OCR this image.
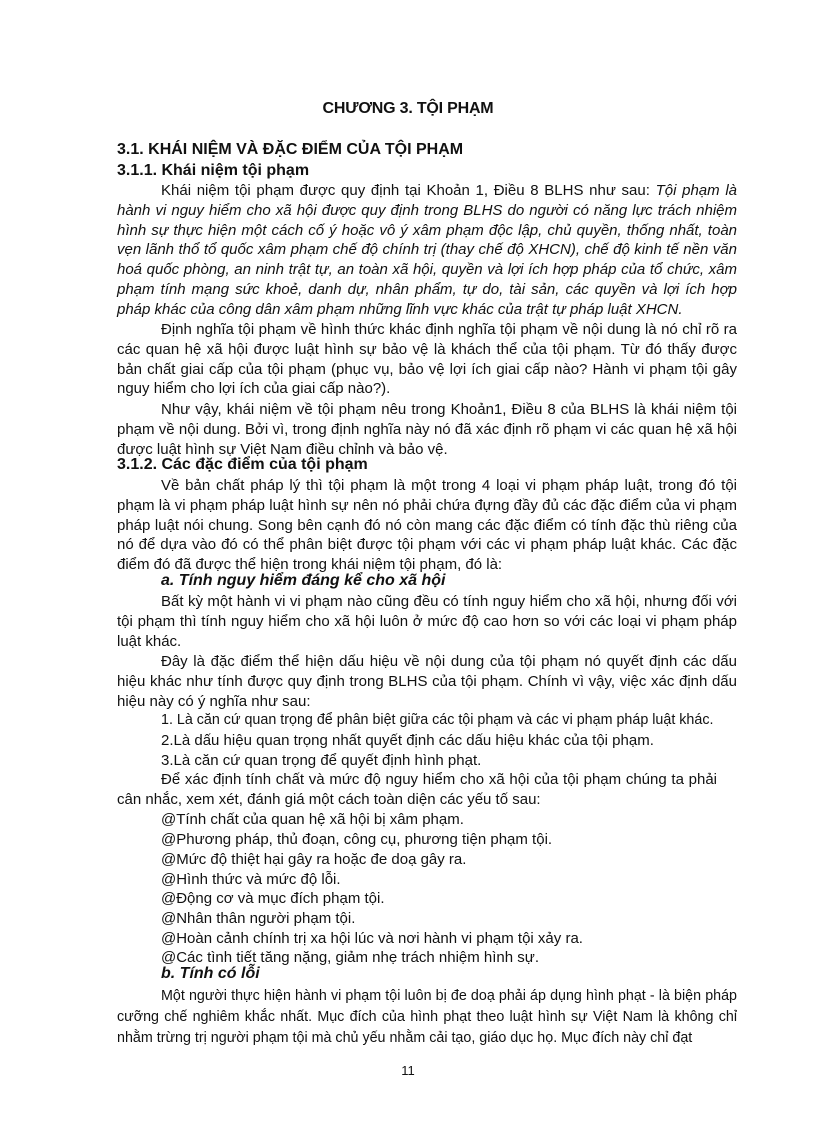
CHƯƠNG 3. TỘI PHẠM
3.1. KHÁI NIỆM VÀ ĐẶC ĐIỂM CỦA TỘI PHẠM
3.1.1. Khái niệm tội phạm

Khái niệm tội phạm được quy định tại Khoản 1, Điều 8 BLHS như sau: Tội phạm là hành vi nguy hiểm cho xã hội được quy định trong BLHS do người có năng lực trách nhiệm hình sự thực hiện một cách cố ý hoặc vô ý xâm phạm độc lập, chủ quyền, thống nhất, toàn vẹn lãnh thổ tổ quốc xâm phạm chế độ chính trị (thay chế độ XHCN), chế độ kinh tế nền văn hoá quốc phòng, an ninh trật tự, an toàn xã hội, quyền và lợi ích hợp pháp của tổ chức, xâm phạm tính mạng sức khoẻ, danh dự, nhân phẩm, tự do, tài sản, các quyền và lợi ích hợp pháp khác của công dân xâm phạm những lĩnh vực khác của trật tự pháp luật XHCN.

Định nghĩa tội phạm về hình thức khác định nghĩa tội phạm về nội dung là nó chỉ rõ ra các quan hệ xã hội được luật hình sự bảo vệ là khách thể của tội phạm. Từ đó thấy được bản chất giai cấp của tội phạm (phục vụ, bảo vệ lợi ích giai cấp nào? Hành vi phạm tội gây nguy hiểm cho lợi ích của giai cấp nào?).

Như vậy, khái niệm về tội phạm nêu trong Khoản1, Điều 8 của BLHS là khái niệm tội phạm về nội dung. Bởi vì, trong định nghĩa này nó đã xác định rõ phạm vi các quan hệ xã hội được luật hình sự Việt Nam điều chỉnh và bảo vệ.

3.1.2. Các đặc điểm của tội phạm

Về bản chất pháp lý thì tội phạm là một trong 4 loại vi phạm pháp luật, trong đó tội phạm là vi phạm pháp luật hình sự nên nó phải chứa đựng đầy đủ các đặc điểm của vi phạm pháp luật nói chung. Song bên cạnh đó nó còn mang các đặc điểm có tính đặc thù riêng của nó để dựa vào đó có thể phân biệt được tội phạm với các vi phạm pháp luật khác. Các đặc điểm đó đã được thể hiện trong khái niệm tội phạm, đó là:

a. Tính nguy hiểm đáng kể cho xã hội

Bất kỳ một hành vi vi phạm nào cũng đều có tính nguy hiểm cho xã hội, nhưng đối với tội phạm thì tính nguy hiểm cho xã hội luôn ở mức độ cao hơn so với các loại vi phạm pháp luật khác.

Đây là đặc điểm thể hiện dấu hiệu về nội dung của tội phạm nó quyết định các dấu hiệu khác như tính được quy định trong BLHS của tội phạm. Chính vì vậy, việc xác định dấu hiệu này có ý nghĩa như sau:

1. Là căn cứ quan trọng để phân biệt giữa các tội phạm và các vi phạm pháp luật khác.
2.Là dấu hiệu quan trọng nhất quyết định các dấu hiệu khác của tội phạm.
3.Là căn cứ quan trọng để quyết định hình phạt.

Để xác định tính chất và mức độ nguy hiểm cho xã hội của tội phạm chúng ta phải cân nhắc, xem xét, đánh giá một cách toàn diện các yếu tố sau:

@Tính chất của quan hệ xã hội bị xâm phạm.
@Phương pháp, thủ đoạn, công cụ, phương tiện phạm tội.
@Mức độ thiệt hại gây ra hoặc đe doạ gây ra.
@Hình thức và mức độ lỗi.
@Động cơ và mục đích phạm tội.
@Nhân thân người phạm tội.
@Hoàn cảnh chính trị xa hội lúc và nơi hành vi phạm tội xảy ra.
@Các tình tiết tăng nặng, giảm nhẹ trách nhiệm hình sự.
b. Tính có lỗi

Một người thực hiện hành vi phạm tội luôn bị đe doạ phải áp dụng hình phạt - là biện pháp cưỡng chế nghiêm khắc nhất. Mục đích của hình phạt theo luật hình sự Việt Nam là không chỉ nhằm trừng trị người phạm tội mà chủ yếu nhằm cải tạo, giáo dục họ. Mục đích này chỉ đạt

11
